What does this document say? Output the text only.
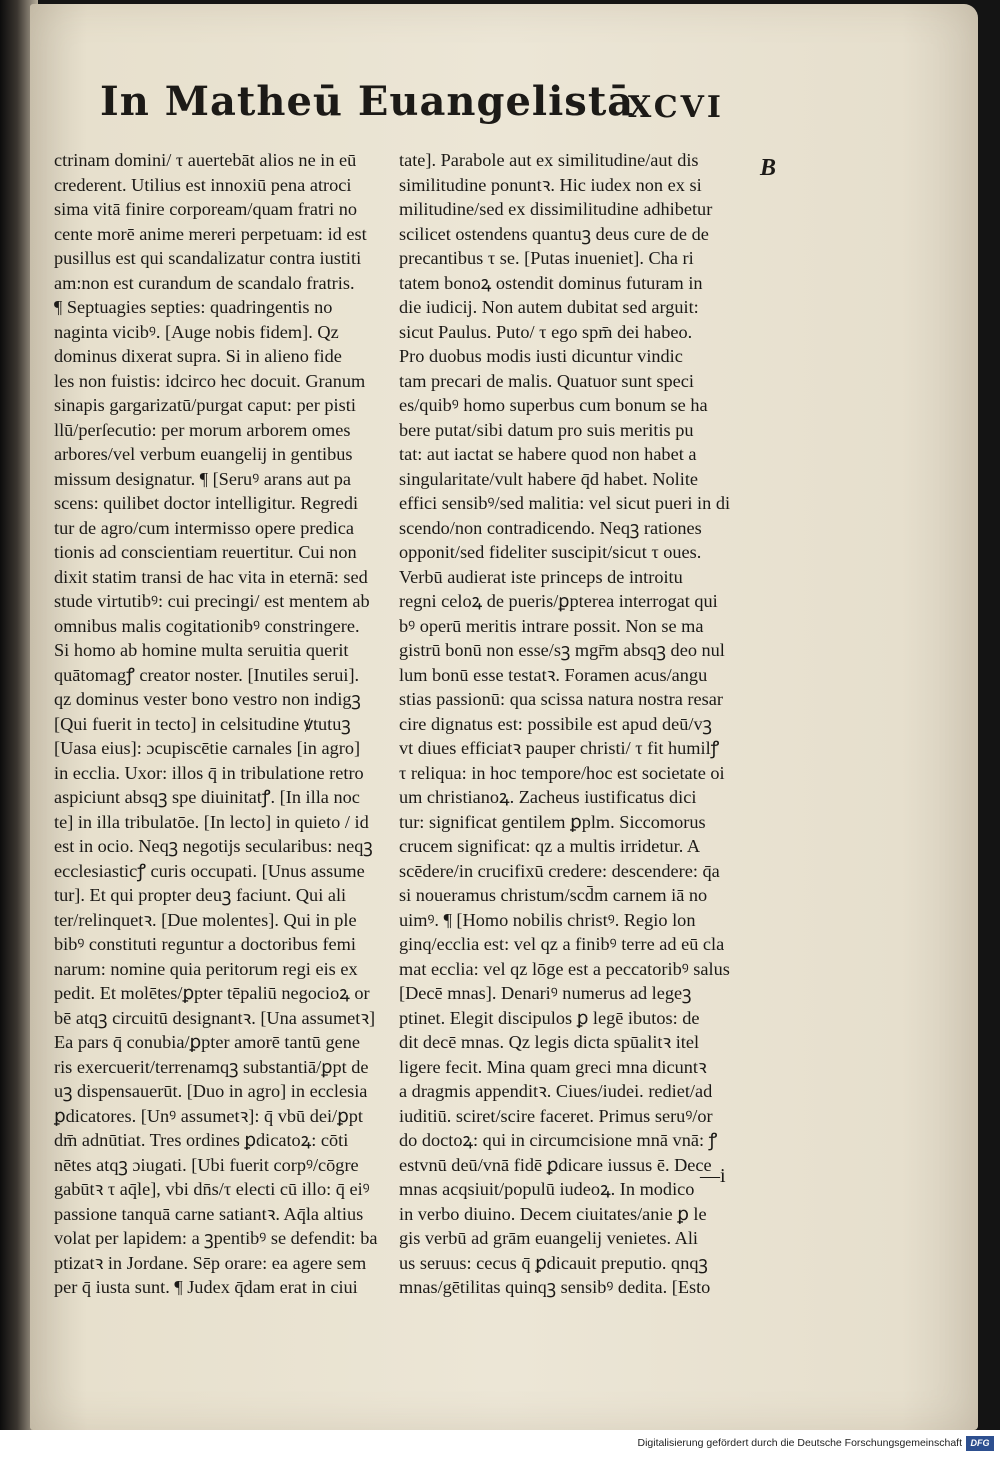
In Matheū Euangelistā
XCVI
B
ctrinam domini/ τ auertebāt alios ne in eū
crederent. Utilius est innoxiū pena atroci
sima vitā finire corpoream/quam fratri no
cente morē anime mereri perpetuam: id est
pusillus est qui scandalizatur contra iustiti
am:non est curandum de scandalo fratris.
¶ Septuagies septies: quadringentis no
naginta vicibꝰ. [Auge nobis fidem]. Qz
dominus dixerat supra. Si in alieno fide
les non fuistis: idcirco hec docuit. Granum
sinapis gargarizatū/purgat caput: per pisti
llū/perſecutio: per morum arborem omes
arbores/vel verbum euangelij in gentibus
missum designatur. ¶ [Seruꝰ arans aut pa
scens: quilibet doctor intelligitur. Regredi
tur de agro/cum intermisso opere predica
tionis ad conscientiam reuertitur. Cui non
dixit statim transi de hac vita in eternā: sed
stude virtutibꝰ: cui precingi/ est mentem ab
omnibus malis cogitationibꝰ constringere.
Si homo ab homine multa seruitia querit
quātomagꝭ creator noster. [Inutiles serui].
qz dominus vester bono vestro non indigꝫ
[Qui fuerit in tecto] in celsitudine ꝟtutuꝫ
[Uasa eius]: ɔcupiscētie carnales [in agro]
in ecclia. Uxor: illos q̄ in tribulatione retro
aspiciunt absqꝫ spe diuinitatꝭ. [In illa noc
te] in illa tribulatōe. [In lecto] in quieto / id
est in ocio. Neqꝫ negotijs secularibus: neqꝫ
ecclesiasticꝭ curis occupati. [Unus assume
tur]. Et qui propter deuꝫ faciunt. Qui ali
ter/relinquetꝛ. [Due molentes]. Qui in ple
bibꝰ constituti reguntur a doctoribus femi
narum: nomine quia peritorum regi eis ex
pedit. Et molētes/ꝑpter tēpaliū negocioꝝ or
bē atqꝫ circuitū designantꝛ. [Una assumetꝛ]
Ea pars q̄ conubia/ꝑpter amorē tantū gene
ris exercuerit/terrenamqꝫ substantiā/ꝑpt de
uꝫ dispensauerūt. [Duo in agro] in ecclesia
ꝑdicatores. [Unꝰ assumetꝛ]: q̄ vbū dei/ꝑpt
dm̄ adnūtiat. Tres ordines ꝑdicatoꝝ: cōti
nētes atqꝫ ɔiugati. [Ubi fuerit corpꝰ/cōgre
gabūtꝛ τ aq̄le], vbi dn̄s/τ electi cū illo: q̄ eiꝰ
passione tanquā carne satiantꝛ. Aq̄la altius
volat per lapidem: a ꝫpentibꝰ se defendit: ba
ptizatꝛ in Jordane. Sēp orare: ea agere sem
per q̄ iusta sunt. ¶ Judex q̄dam erat in ciui
tate]. Parabole aut ex similitudine/aut dis
similitudine ponuntꝛ. Hic iudex non ex si
militudine/sed ex dissimilitudine adhibetur
scilicet ostendens quantuꝫ deus cure de de
precantibus τ se. [Putas inueniet]. Cha ri
tatem bonoꝝ ostendit dominus futuram in
die iudicij. Non autem dubitat sed arguit:
sicut Paulus. Puto/ τ ego spm̄ dei habeo.
Pro duobus modis iusti dicuntur vindic
tam precari de malis. Quatuor sunt speci
es/quibꝰ homo superbus cum bonum se ha
bere putat/sibi datum pro suis meritis pu
tat: aut iactat se habere quod non habet a
singularitate/vult habere q̄d habet. Nolite
effici sensibꝰ/sed malitia: vel sicut pueri in di
scendo/non contradicendo. Neqꝫ rationes
opponit/sed fideliter suscipit/sicut τ oues.
Verbū audierat iste princeps de introitu
regni celoꝝ de pueris/ꝑpterea interrogat qui
bꝰ operū meritis intrare possit. Non se ma
gistrū bonū non esse/sꝫ mgr̄m absqꝫ deo nul
lum bonū esse testatꝛ. Foramen acus/angu
stias passionū: qua scissa natura nostra resar
cire dignatus est: possibile est apud deū/vꝫ
vt diues efficiatꝛ pauper christi/ τ fit humilꝭ
τ reliqua: in hoc tempore/hoc est societate oi
um christianoꝝ. Zacheus iustificatus dici
tur: significat gentilem ꝑplm. Siccomorus
crucem significat: qz a multis irridetur. A
scēdere/in crucifixū credere: descendere: q̄a
si noueramus christum/scd̄m carnem iā no
uimꝰ. ¶ [Homo nobilis christꝰ. Regio lon
ginq/ecclia est: vel qz a finibꝰ terre ad eū cla
mat ecclia: vel qz lōge est a peccatoribꝰ salus
[Decē mnas]. Denariꝰ numerus ad legeꝫ
ptinet. Elegit discipulos ꝑ legē ibutos: de
dit decē mnas. Qz legis dicta spūalitꝛ itel
ligere fecit. Mina quam greci mna dicuntꝛ
a dragmis appenditꝛ. Ciues/iudei. rediet/ad
iuditiū. sciret/scire faceret. Primus seruꝰ/or
do doctoꝝ: qui in circumcisione mnā vnā: ꝭ
estvnū deū/vnā fidē ꝑdicare iussus ē. Dece
mnas acqsiuit/populū iudeoꝝ. In modico
in verbo diuino. Decem ciuitates/anie ꝑ le
gis verbū ad grām euangelij venietes. Ali
us seruus: cecus q̄ ꝑdicauit preputio. qnqꝫ
mnas/gētilitas quinqꝫ sensibꝰ dedita. [Esto
—i
Digitalisierung gefördert durch die Deutsche Forschungsgemeinschaft DFG
